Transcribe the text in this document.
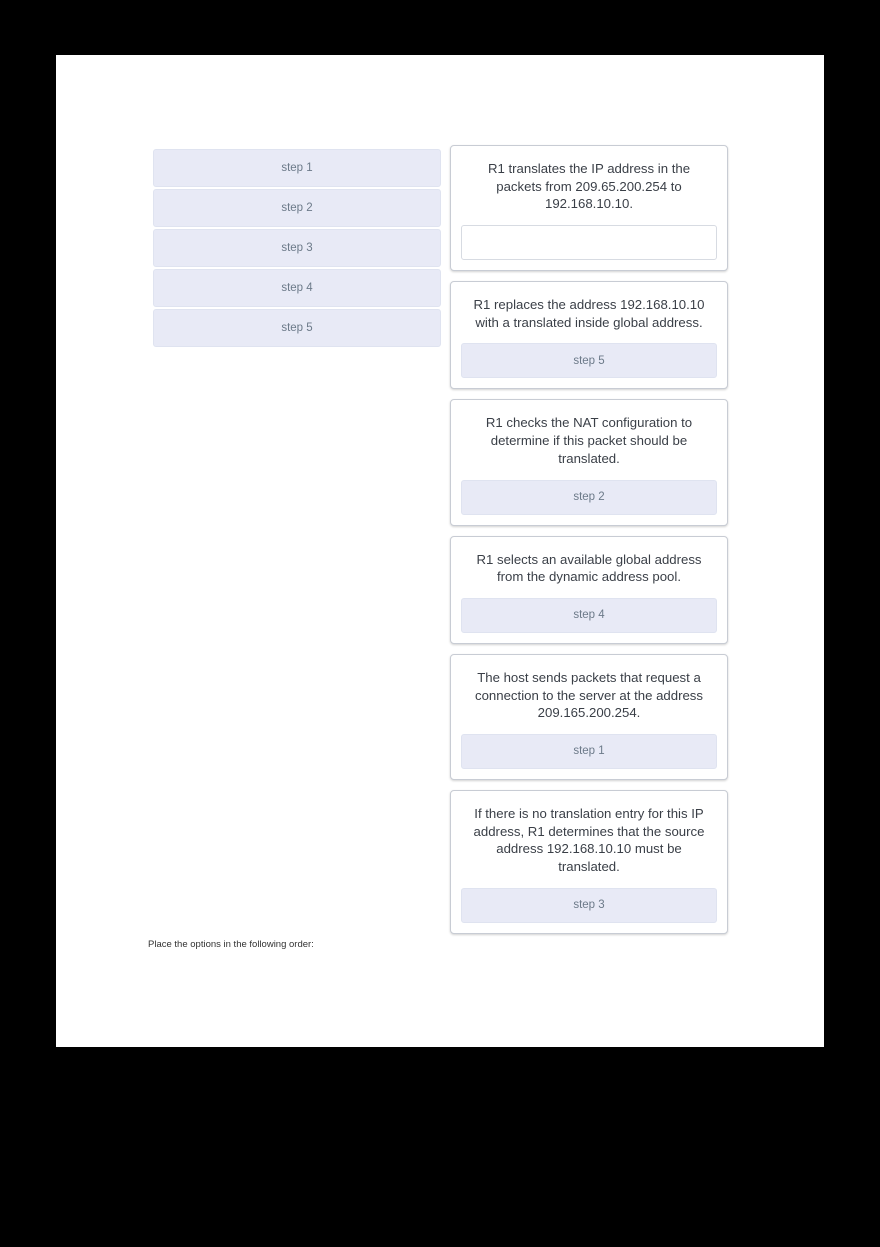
step 1
step 2
step 3
step 4
step 5
R1 translates the IP address in the packets from 209.65.200.254 to 192.168.10.10.
R1 replaces the address 192.168.10.10 with a translated inside global address.
step 5
R1 checks the NAT configuration to determine if this packet should be translated.
step 2
R1 selects an available global address from the dynamic address pool.
step 4
The host sends packets that request a connection to the server at the address 209.165.200.254.
step 1
If there is no translation entry for this IP address, R1 determines that the source address 192.168.10.10 must be translated.
step 3
Place the options in the following order:
